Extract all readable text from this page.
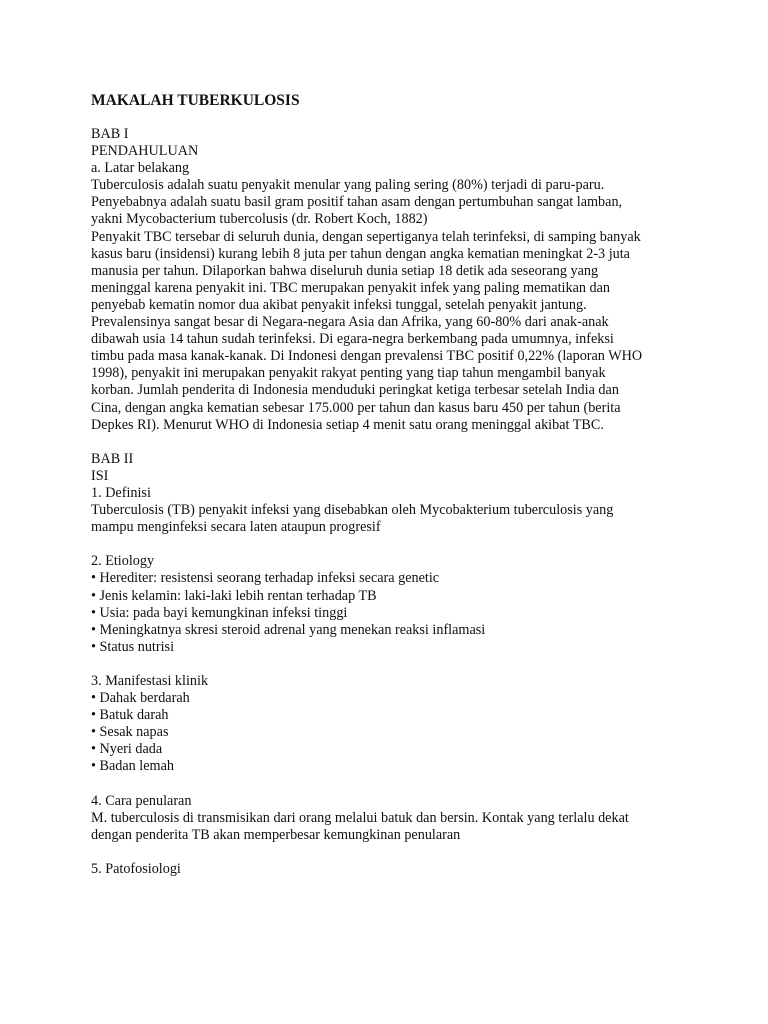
MAKALAH TUBERKULOSIS
BAB I
PENDAHULUAN
a. Latar belakang
Tuberculosis adalah suatu penyakit menular yang paling sering (80%) terjadi di paru-paru.
Penyebabnya adalah suatu basil gram positif tahan asam dengan pertumbuhan sangat lamban,
yakni Mycobacterium tubercolusis (dr. Robert Koch, 1882)
Penyakit TBC tersebar di seluruh dunia, dengan sepertiganya telah terinfeksi, di samping banyak
kasus baru (insidensi) kurang lebih 8 juta per tahun dengan angka kematian meningkat 2-3 juta
manusia per tahun. Dilaporkan bahwa diseluruh dunia setiap 18 detik ada seseorang yang
meninggal karena penyakit ini. TBC merupakan penyakit infek yang paling mematikan dan
penyebab kematin nomor dua akibat penyakit infeksi tunggal, setelah penyakit jantung.
Prevalensinya sangat besar di Negara-negara Asia dan Afrika, yang 60-80% dari anak-anak
dibawah usia 14 tahun sudah terinfeksi. Di egara-negra berkembang pada umumnya, infeksi
timbu pada masa kanak-kanak. Di Indonesi dengan prevalensi TBC positif 0,22% (laporan WHO
1998), penyakit ini merupakan penyakit rakyat penting yang tiap tahun mengambil banyak
korban. Jumlah penderita di Indonesia menduduki peringkat ketiga terbesar setelah India dan
Cina, dengan angka kematian sebesar 175.000 per tahun dan kasus baru 450 per tahun (berita
Depkes RI). Menurut WHO di Indonesia setiap 4 menit satu orang meninggal akibat TBC.
BAB II
ISI
1. Definisi
Tuberculosis (TB) penyakit infeksi yang disebabkan oleh Mycobakterium tuberculosis yang
mampu menginfeksi secara laten ataupun progresif
2. Etiology
• Herediter: resistensi seorang terhadap infeksi secara genetic
• Jenis kelamin: laki-laki lebih rentan terhadap TB
• Usia: pada bayi kemungkinan infeksi tinggi
• Meningkatnya skresi steroid adrenal yang menekan reaksi inflamasi
• Status nutrisi
3. Manifestasi klinik
• Dahak berdarah
• Batuk darah
• Sesak napas
• Nyeri dada
• Badan lemah
4. Cara penularan
M. tuberculosis di transmisikan dari orang melalui batuk dan bersin. Kontak yang terlalu dekat
dengan penderita TB akan memperbesar kemungkinan penularan
5. Patofosiologi
